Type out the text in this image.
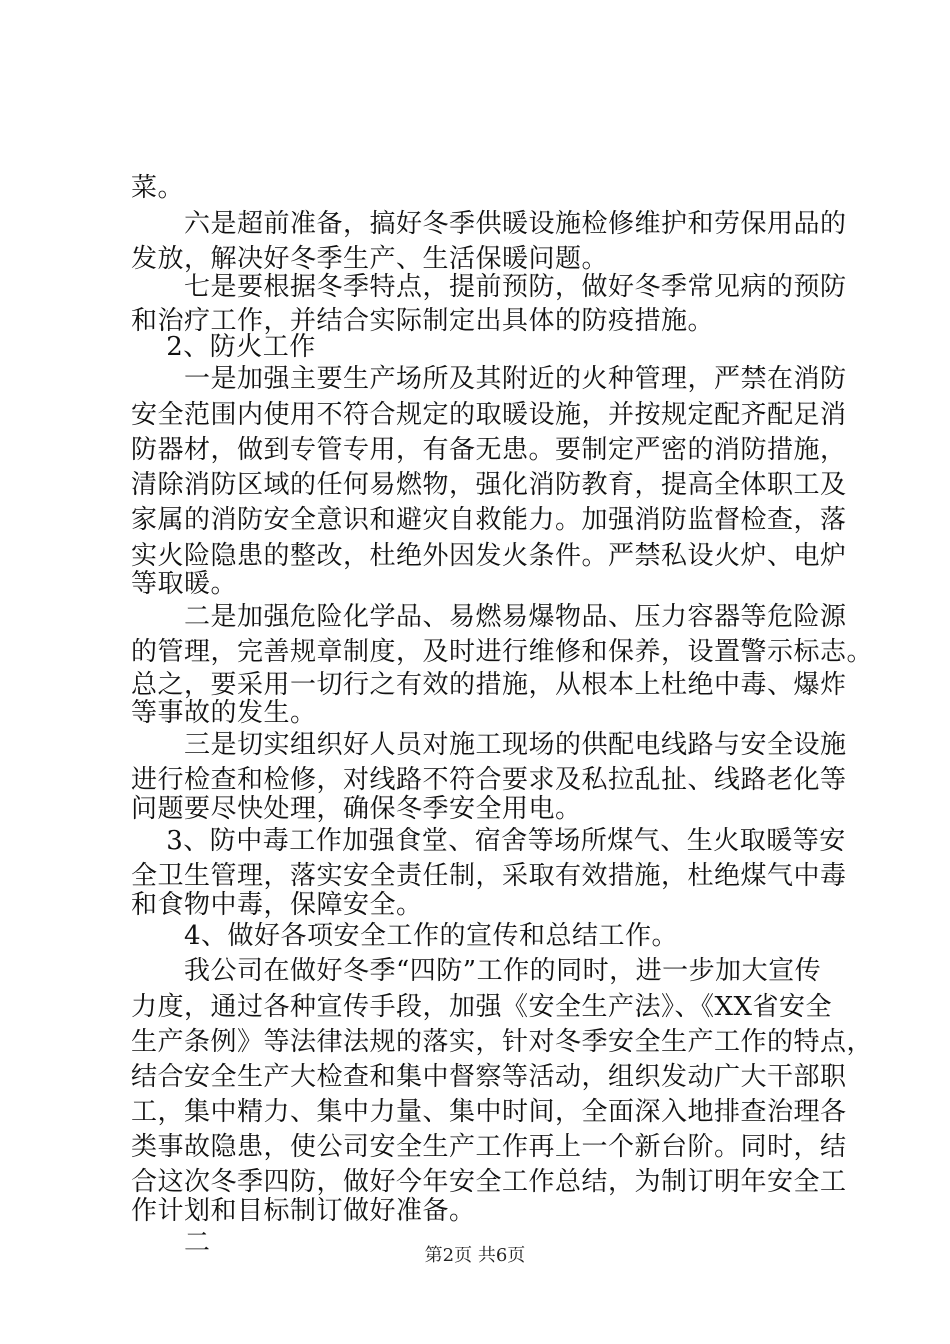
菜。
　　六是超前准备，搞好冬季供暖设施检修维护和劳保用品的
发放，解决好冬季生产、生活保暖问题。
　　七是要根据冬季特点，提前预防，做好冬季常见病的预防
和治疗工作，并结合实际制定出具体的防疫措施。
　 2、防火工作
　　一是加强主要生产场所及其附近的火种管理，严禁在消防
安全范围内使用不符合规定的取暖设施，并按规定配齐配足消
防器材，做到专管专用，有备无患。要制定严密的消防措施，
清除消防区域的任何易燃物，强化消防教育，提高全体职工及
家属的消防安全意识和避灾自救能力。加强消防监督检查，落
实火险隐患的整改，杜绝外因发火条件。严禁私设火炉、电炉
等取暖。
　　二是加强危险化学品、易燃易爆物品、压力容器等危险源
的管理，完善规章制度，及时进行维修和保养，设置警示标志。
总之，要采用一切行之有效的措施，从根本上杜绝中毒、爆炸
等事故的发生。
　　三是切实组织好人员对施工现场的供配电线路与安全设施
进行检查和检修，对线路不符合要求及私拉乱扯、线路老化等
问题要尽快处理，确保冬季安全用电。
　 3、防中毒工作加强食堂、宿舍等场所煤气、生火取暖等安
全卫生管理，落实安全责任制，采取有效措施，杜绝煤气中毒
和食物中毒，保障安全。
　　4、做好各项安全工作的宣传和总结工作。
　　我公司在做好冬季“四防”工作的同时，进一步加大宣传
力度，通过各种宣传手段，加强《安全生产法》、《XX省安全
生产条例》等法律法规的落实，针对冬季安全生产工作的特点，
结合安全生产大检查和集中督察等活动，组织发动广大干部职
工，集中精力、集中力量、集中时间，全面深入地排查治理各
类事故隐患，使公司安全生产工作再上一个新台阶。同时，结
合这次冬季四防，做好今年安全工作总结，为制订明年安全工
作计划和目标制订做好准备。
　　二	第2页 共6页
